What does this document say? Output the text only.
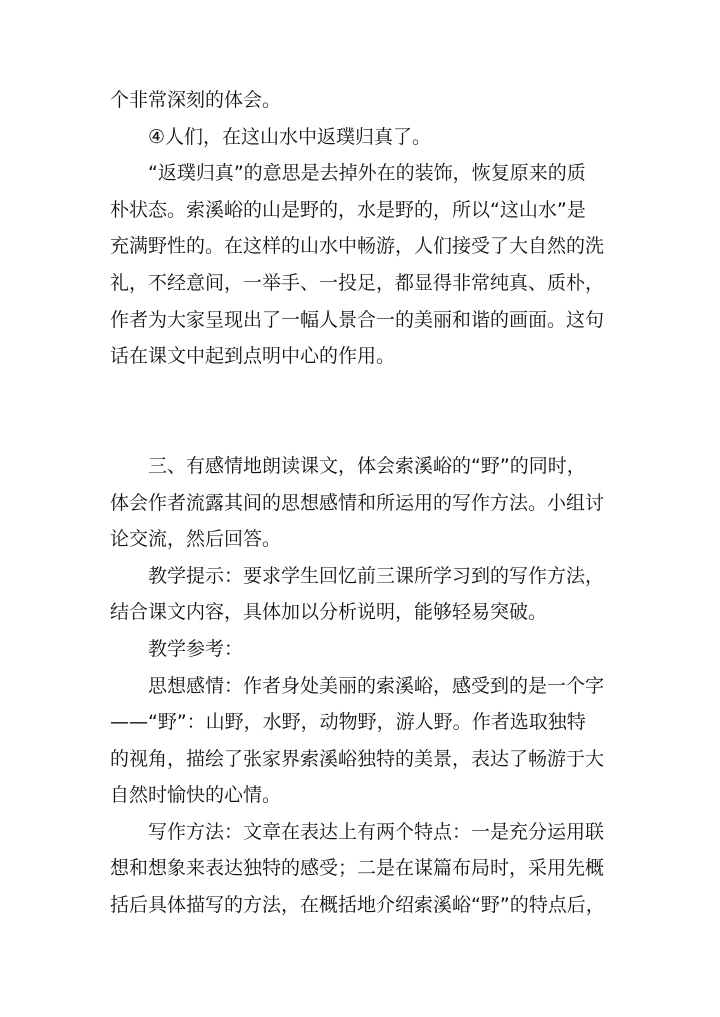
个非常深刻的体会。
④人们，在这山水中返璞归真了。
“返璞归真”的意思是去掉外在的装饰，恢复原来的质
朴状态。索溪峪的山是野的，水是野的，所以“这山水”是
充满野性的。在这样的山水中畅游，人们接受了大自然的洗
礼，不经意间，一举手、一投足，都显得非常纯真、质朴，
作者为大家呈现出了一幅人景合一的美丽和谐的画面。这句
话在课文中起到点明中心的作用。
三、有感情地朗读课文，体会索溪峪的“野”的同时，
体会作者流露其间的思想感情和所运用的写作方法。小组讨
论交流，然后回答。
教学提示：要求学生回忆前三课所学习到的写作方法，
结合课文内容，具体加以分析说明，能够轻易突破。
教学参考：
思想感情：作者身处美丽的索溪峪，感受到的是一个字
——“野”：山野，水野，动物野，游人野。作者选取独特
的视角，描绘了张家界索溪峪独特的美景，表达了畅游于大
自然时愉快的心情。
写作方法：文章在表达上有两个特点：一是充分运用联
想和想象来表达独特的感受；二是在谋篇布局时，采用先概
括后具体描写的方法，在概括地介绍索溪峪“野”的特点后，
